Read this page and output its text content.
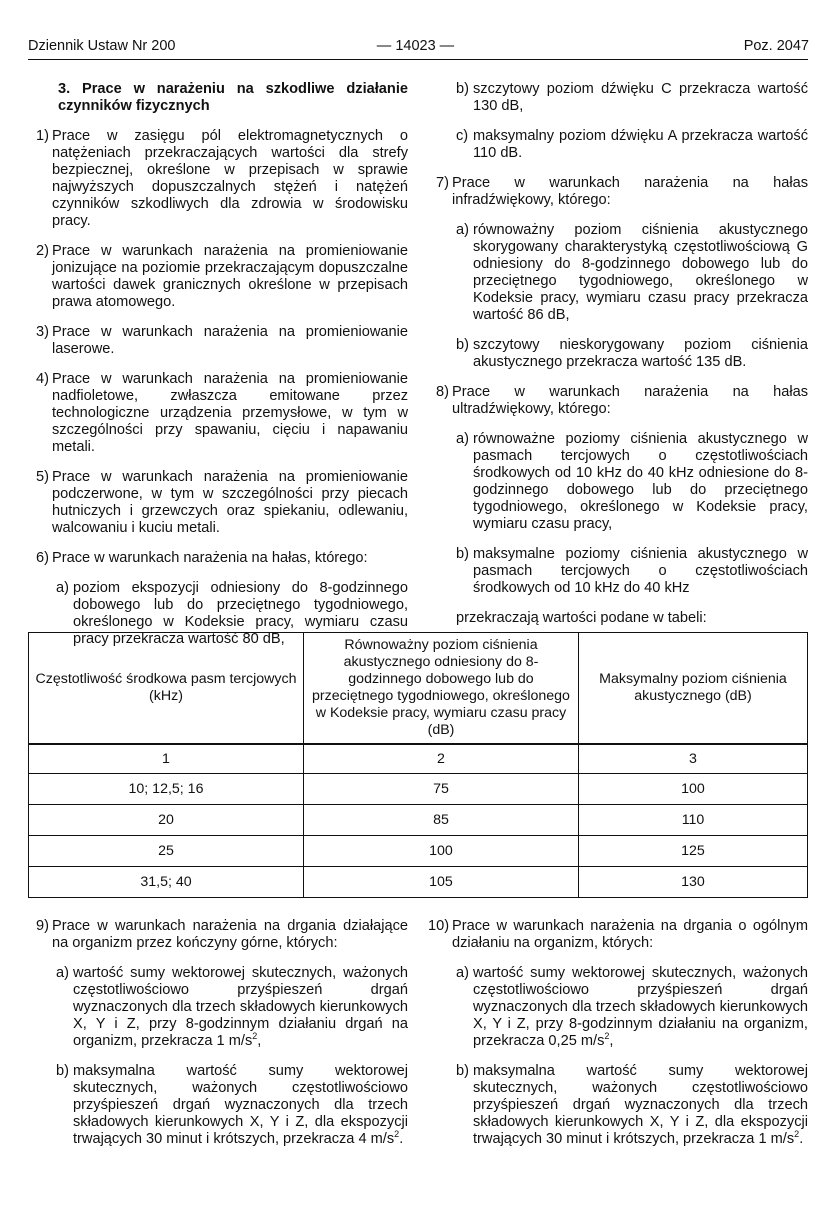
Dziennik Ustaw Nr 200	— 14023 —	Poz. 2047

3. Prace w narażeniu na szkodliwe działanie czynników fizycznych

1) Prace w zasięgu pól elektromagnetycznych o natężeniach przekraczających wartości dla strefy bezpiecznej, określone w przepisach w sprawie najwyższych dopuszczalnych stężeń i natężeń czynników szkodliwych dla zdrowia w środowisku pracy.

2) Prace w warunkach narażenia na promieniowanie jonizujące na poziomie przekraczającym dopuszczalne wartości dawek granicznych określone w przepisach prawa atomowego.

3) Prace w warunkach narażenia na promieniowanie laserowe.

4) Prace w warunkach narażenia na promieniowanie nadfioletowe, zwłaszcza emitowane przez technologiczne urządzenia przemysłowe, w tym w szczególności przy spawaniu, cięciu i napawaniu metali.

5) Prace w warunkach narażenia na promieniowanie podczerwone, w tym w szczególności przy piecach hutniczych i grzewczych oraz spiekaniu, odlewaniu, walcowaniu i kuciu metali.

6) Prace w warunkach narażenia na hałas, którego:

a) poziom ekspozycji odniesiony do 8-godzinnego dobowego lub do przeciętnego tygodniowego, określonego w Kodeksie pracy, wymiaru czasu pracy przekracza wartość 80 dB,

b) szczytowy poziom dźwięku C przekracza wartość 130 dB,

c) maksymalny poziom dźwięku A przekracza wartość 110 dB.

7) Prace w warunkach narażenia na hałas infradźwiękowy, którego:

a) równoważny poziom ciśnienia akustycznego skorygowany charakterystyką częstotliwościową G odniesiony do 8-godzinnego dobowego lub do przeciętnego tygodniowego, określonego w Kodeksie pracy, wymiaru czasu pracy przekracza wartość 86 dB,

b) szczytowy nieskorygowany poziom ciśnienia akustycznego przekracza wartość 135 dB.

8) Prace w warunkach narażenia na hałas ultradźwiękowy, którego:

a) równoważne poziomy ciśnienia akustycznego w pasmach tercjowych o częstotliwościach środkowych od 10 kHz do 40 kHz odniesione do 8-godzinnego dobowego lub do przeciętnego tygodniowego, określonego w Kodeksie pracy, wymiaru czasu pracy,

b) maksymalne poziomy ciśnienia akustycznego w pasmach tercjowych o częstotliwościach środkowych od 10 kHz do 40 kHz

przekraczają wartości podane w tabeli:

Częstotliwość środkowa pasm tercjowych (kHz)	Równoważny poziom ciśnienia akustycznego odniesiony do 8-godzinnego dobowego lub do przeciętnego tygodniowego, określonego w Kodeksie pracy, wymiaru czasu pracy (dB)	Maksymalny poziom ciśnienia akustycznego (dB)
1	2	3
10; 12,5; 16	75	100
20	85	110
25	100	125
31,5; 40	105	130

9) Prace w warunkach narażenia na drgania działające na organizm przez kończyny górne, których:

a) wartość sumy wektorowej skutecznych, ważonych częstotliwościowo przyśpieszeń drgań wyznaczonych dla trzech składowych kierunkowych X, Y i Z, przy 8-godzinnym działaniu drgań na organizm, przekracza 1 $m/s^2$,

b) maksymalna wartość sumy wektorowej skutecznych, ważonych częstotliwościowo przyśpieszeń drgań wyznaczonych dla trzech składowych kierunkowych X, Y i Z, dla ekspozycji trwających 30 minut i krótszych, przekracza 4 $m/s^2$.

10) Prace w warunkach narażenia na drgania o ogólnym działaniu na organizm, których:

a) wartość sumy wektorowej skutecznych, ważonych częstotliwościowo przyśpieszeń drgań wyznaczonych dla trzech składowych kierunkowych X, Y i Z, przy 8-godzinnym działaniu na organizm, przekracza 0,25 $m/s^2$,

b) maksymalna wartość sumy wektorowej skutecznych, ważonych częstotliwościowo przyśpieszeń drgań wyznaczonych dla trzech składowych kierunkowych X, Y i Z, dla ekspozycji trwających 30 minut i krótszych, przekracza 1 $m/s^2$.
